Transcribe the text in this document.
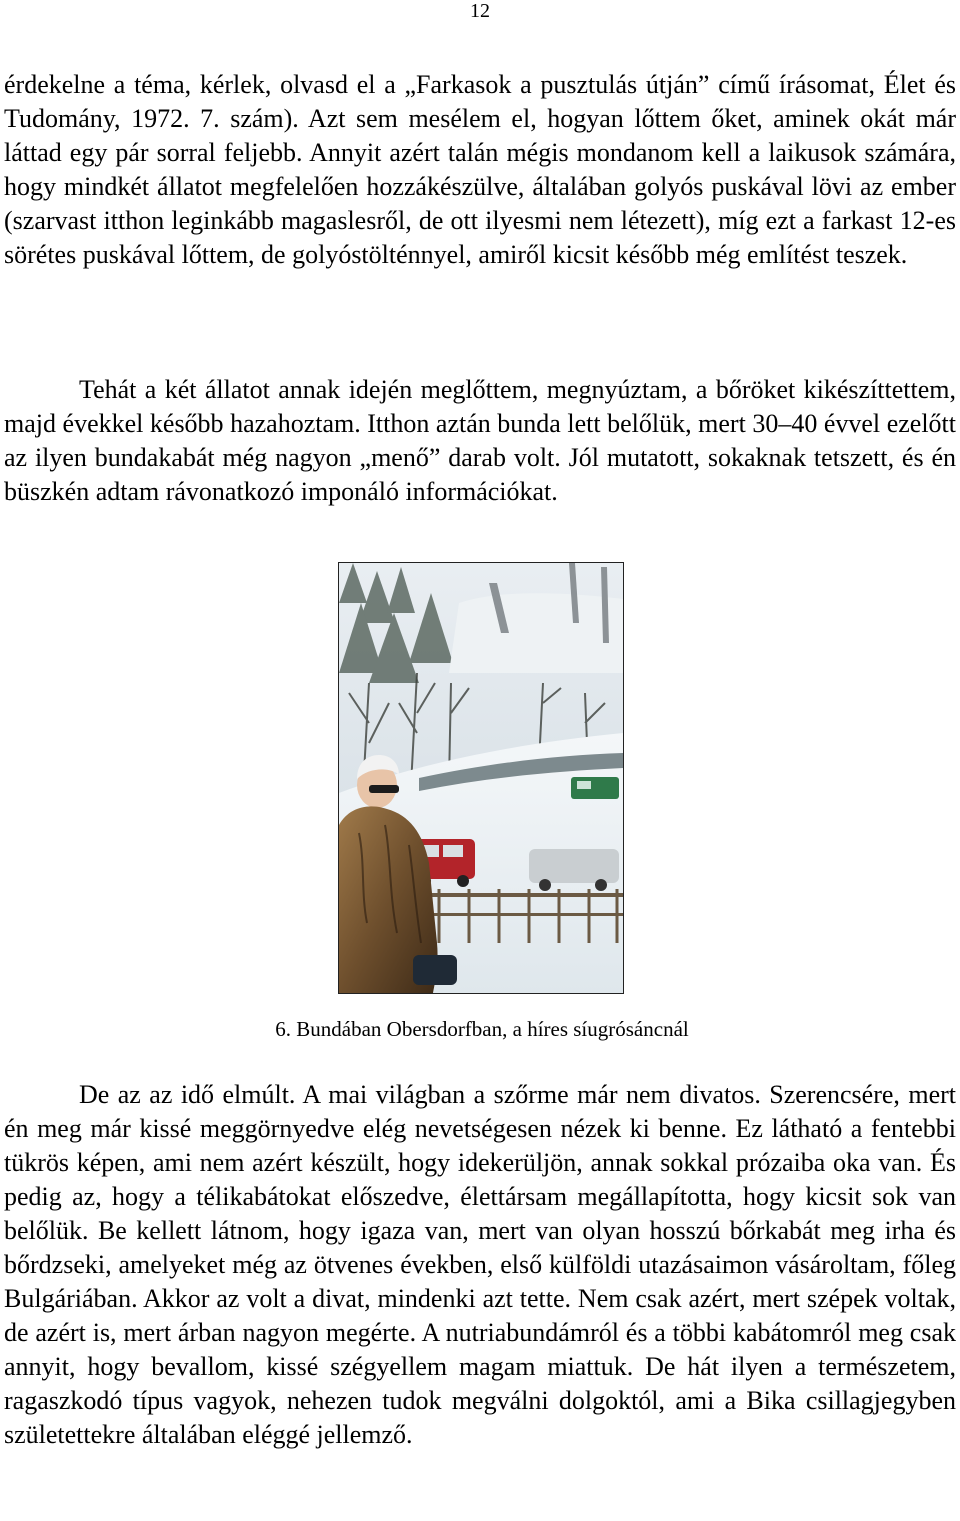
12

érdekelne a téma, kérlek, olvasd el a „Farkasok a pusztulás útján” című írásomat, Élet és Tudomány, 1972. 7. szám). Azt sem mesélem el, hogyan lőttem őket, aminek okát már láttad egy pár sorral feljebb. Annyit azért talán mégis mondanom kell a laikusok számára, hogy mindkét állatot megfelelően hozzákészülve, általában golyós puskával lövi az ember (szarvast itthon leginkább magaslesről, de ott ilyesmi nem létezett), míg ezt a farkast 12-es sörétes puskával lőttem, de golyóstölténnyel, amiről kicsit később még említést teszek.

Tehát a két állatot annak idején meglőttem, megnyúztam, a bőröket kikészíttettem, majd évekkel később hazahoztam. Itthon aztán bunda lett belőlük, mert 30–40 évvel ezelőtt az ilyen bundakabát még nagyon „menő” darab volt. Jól mutatott, sokaknak tetszett, és én büszkén adtam rávonatkozó imponáló információkat.

6. Bundában Obersdorfban, a híres síugrósáncnál

De az az idő elmúlt. A mai világban a szőrme már nem divatos. Szerencsére, mert én meg már kissé meggörnyedve elég nevetségesen nézek ki benne. Ez látható a fentebbi tükrös képen, ami nem azért készült, hogy idekerüljön, annak sokkal prózaiba oka van. És pedig az, hogy a télikabátokat előszedve, élettársam megállapította, hogy kicsit sok van belőlük. Be kellett látnom, hogy igaza van, mert van olyan hosszú bőrkabát meg irha és bőrdzseki, amelyeket még az ötvenes években, első külföldi utazásaimon vásároltam, főleg Bulgáriában. Akkor az volt a divat, mindenki azt tette. Nem csak azért, mert szépek voltak, de azért is, mert árban nagyon megérte. A nutriabundámról és a többi kabátomról meg csak annyit, hogy bevallom, kissé szégyellem magam miattuk. De hát ilyen a természetem, ragaszkodó típus vagyok, nehezen tudok megválni dolgoktól, ami a Bika csillagjegyben születettekre általában eléggé jellemző.
